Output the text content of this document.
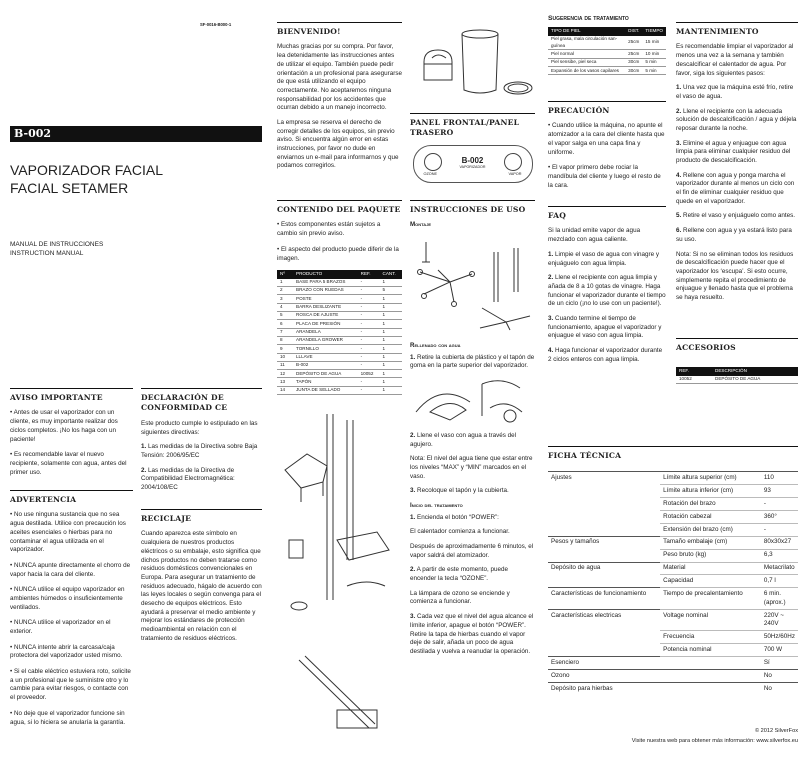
SF-0016-B000-1
B-002
VAPORIZADOR FACIAL
FACIAL SETAMER
MANUAL DE INSTRUCCIONES
INSTRUCTION MANUAL
AVISO IMPORTANTE

• Antes de usar el vaporizador con un cliente, es muy importante realizar dos ciclos completos. ¡No los haga con un paciente!

• Es recomendable lavar el nuevo recipiente, solamente con agua, antes del primer uso.

ADVERTENCIA

• No use ninguna sustancia que no sea agua destilada. Utilice con precaución los aceites esenciales o hierbas para no contaminar el agua utilizada en el vaporizador.

• NUNCA apunte directamente el chorro de vapor hacia la cara del cliente.

• NUNCA utilice el equipo vaporizador en ambientes húmedos o insuficientemente ventilados.

• NUNCA utilice el vaporizador en el exterior.

• NUNCA intente abrir la carcasa/caja protectora del vaporizador usted mismo.

• Si el cable eléctrico estuviera roto, solicite a un profesional que le suministre otro y lo cambie para evitar riesgos, o contacte con el proveedor.

• No deje que el vaporizador funcione sin agua, si lo hiciera se anularía la garantía.

DECLARACIÓN DE CONFORMIDAD CE

Este producto cumple lo estipulado en las siguientes directivas:

1. Las medidas de la Directiva sobre Baja Tensión: 2006/95/EC

2. Las medidas de la Directiva de Compatibilidad Electromagnética: 2004/108/EC

RECICLAJE

Cuando aparezca este símbolo en cualquiera de nuestros productos eléctricos o su embalaje, esto significa que dichos productos no deben tratarse como residuos domésticos convencionales en Europa. Para asegurar un tratamiento de residuos adecuado, hágalo de acuerdo con las leyes locales o según convenga para el desecho de equipos eléctricos. Esto ayudará a preservar el medio ambiente y mejorar los estándares de protección medioambiental en relación con el tratamiento de residuos eléctricos.

BIENVENIDO!

Muchas gracias por su compra. Por favor, lea detenidamente las instrucciones antes de utilizar el equipo. También puede pedir orientación a un profesional para asegurarse de que está utilizando el equipo correctamente. No aceptaremos ninguna responsabilidad por los accidentes que ocurran debido a un manejo incorrecto.

La empresa se reserva el derecho de corregir detalles de los equipos, sin previo aviso. Si encuentra algún error en estas instrucciones, por favor no dude en enviarnos un e-mail para informarnos y que podamos corregirlos.

CONTENIDO DEL PAQUETE

• Estos componentes están sujetos a cambio sin previo aviso.

• El aspecto del producto puede diferir de la imagen.

Nº	PRODUCTO	REF.	CANT.
1	BASE PARA 5 BRAZOS	-	1
2	BRAZO CON RUEDAS	-	5
3	POSTE	-	1
4	BARRA DESLIZANTE	-	1
5	ROSCA DE AJUSTE	-	1
6	PLACA DE PRESIÓN	-	1
7	ARANDELA	-	1
8	ARANDELA GROWER	-	1
9	TORNILLO	-	1
10	LLLAVE	-	1
11	B-002	-	1
12	DEPÓSITO DE AGUA	10052	1
13	TAPÓN	-	1
14	JUNTA DE SELLADO	-	1
PANEL FRONTAL/PANEL TRASERO
B-002
VAPORIZADOR
OZONE	VAPOR
INSTRUCCIONES DE USO
Montaje
Rellenado con agua

1. Retire la cubierta de plástico y el tapón de goma en la parte superior del vaporizador.

2. Llene el vaso con agua a través del agujero.

Nota: El nivel del agua tiene que estar entre los niveles “MAX” y “MIN” marcados en el vaso.

3. Recoloque el tapón y la cubierta.

Inicio del tratamiento

1. Encienda el botón “POWER”:

El calentador comienza a funcionar.

Después de aproximadamente 6 minutos, el vapor saldrá del atomizador.

2. A partir de este momento, puede encender la tecla “OZONE”.

La lámpara de ozono se enciende y comienza a funcionar.

3. Cada vez que el nivel del agua alcance el límite inferior, apague el botón “POWER”. Retire la tapa de hierbas cuando el vapor deje de salir, añada un poco de agua destilada y vuelva a reanudar la operación.

Sugerencia de tratamiento
TIPO DE PIEL	DIST.	TIEMPO
Piel grasa, mala circulación san-guínea	25cm	15 min
Piel normal	25cm	10 min
Piel sensibe, piel seca	30cm	5 min
Expansión de los vasos capilares	30cm	5 min
PRECAUCIÓN

• Cuando utilice la máquina, no apunte el atomizador a la cara del cliente hasta que el vapor salga en una capa fina y uniforme.

• El vapor primero debe rociar la mandíbula del cliente y luego el resto de la cara.

FAQ

Si la unidad emite vapor de agua mezclado con agua caliente.

1. Limpie el vaso de agua con vinagre y enjuáguelo con agua limpia.

2. Llene el recipiente con agua limpia y añada de 8 a 10 gotas de vinagre. Haga funcionar el vaporizador durante el tiempo de un ciclo (¡no lo use con un paciente!).

3. Cuando termine el tiempo de funcionamiento, apague el vaporizador y enjuague el vaso con agua limpia.

4. Haga funcionar el vaporizador durante 2 ciclos enteros con agua limpia.

MANTENIMIENTO

Es recomendable limpiar el vaporizador al menos una vez a la semana y también descalcificar el calentador de agua. Por favor, siga los siguientes pasos:

1. Una vez que la máquina esté frío, retire el vaso de agua.

2. Llene el recipiente con la adecuada solución de descalcificación / agua y déjela reposar durante la noche.

3. Elimine el agua y enjuague con agua limpia para eliminar cualquier residuo del producto de descalcificación.

4. Rellene con agua y ponga marcha el vaporizador durante al menos un ciclo con el fin de eliminar cualquier residuo que quede en el vaporizador.

5. Retire el vaso y enjuáguelo como antes.

6. Rellene con agua y ya estará listo para su uso.

Nota: Si no se eliminan todos los residuos de descalcificación puede hacer que el vaporizador los ‘escupa’. Si esto ocurre, simplemente repita el procedimiento de enjuague y llenado hasta que el problema se haya resuelto.

ACCESORIOS
REF.	DESCRIPCIÓN
10052	DEPÓSITO DE AGUA
FICHA TÉCNICA
Ajustes	Límite altura superior (cm)	110
	Límite altura inferior (cm)	93
	Rotación del brazo	-
	Rotación cabezal	360°
	Extensión del brazo (cm)	-
Pesos y tamaños	Tamaño embalaje (cm)	80x30x27
	Peso bruto (kg)	6,3
Depósito de agua	Material	Metacrilato
	Capacidad	0,7 l
Características de funcionamiento	Tiempo de precalentamiento	6 min. (aprox.)
Características electricas	Voltage nominal	220V ~ 240V
	Frecuencia	50Hz/60Hz
	Potencia nominal	700 W
Esenciero		Sí
Ozono		No
Depósito para hierbas		No
© 2012 SilverFox
Visite nuestra web para obtener más información: www.silverfox.eu
